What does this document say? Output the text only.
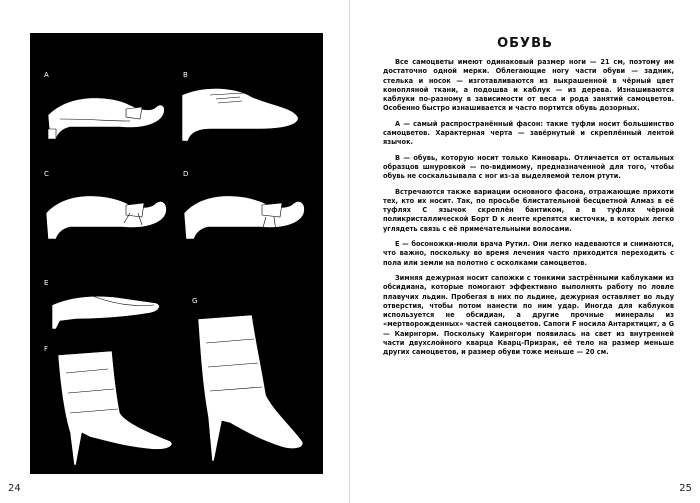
A	B
C	D
E
G
F
24
ОБУВЬ

Все самоцветы имеют одинаковый размер ноги — 21 см, поэтому им достаточно одной мерки. Облегающие ногу части обуви — задник, стелька и носок — изготавливаются из выкрашенной в чёрный цвет конопляной ткани, а подошва и каблук — из дерева. Изнашиваются каблуки по-разному в зависимости от веса и рода занятий самоцветов. Особенно быстро изнашивается и часто портится обувь дозорных.

А — самый распространённый фасон: такие туфли носит большинство самоцветов. Характерная черта — завёрнутый и скреплённый лентой язычок.

В — обувь, которую носит только Киноварь. Отличается от остальных образцов шнуровкой — по-видимому, предназначенной для того, чтобы обувь не соскальзывала с ног из-за выделяемой телом ртути.

Встречаются также вариации основного фасона, отражающие прихоти тех, кто их носит. Так, по просьбе блистательной бесцветной Алмаз в её туфлях С язычок скреплён бантиком, а в туфлях чёрной поликристаллической Борт D к ленте крепятся кисточки, в которых легко углядеть связь с её примечательными волосами.

Е — босоножки-мюли врача Рутил. Они легко надеваются и снимаются, что важно, поскольку во время лечения часто приходится переходить с пола или земли на полотно с осколками самоцветов.

Зимняя дежурная носит сапожки с тонкими застрёнными каблуками из обсидиана, которые помогают эффективно выполнять работу по ловле плавучих льдин. Пробегая в них по льдине, дежурная оставляет во льду отверстия, чтобы потом нанести по ним удар. Иногда для каблуков используется не обсидиан, а другие прочные минералы из «мертворожденных» частей самоцветов. Сапоги F носила Антарктицит, а G — Каирнгорм. Поскольку Каирнгорм появилась на свет из внутренней части двухслойного кварца Кварц-Призрак, её тело на размер меньше других самоцветов, и размер обуви тоже меньше — 20 см.

25
